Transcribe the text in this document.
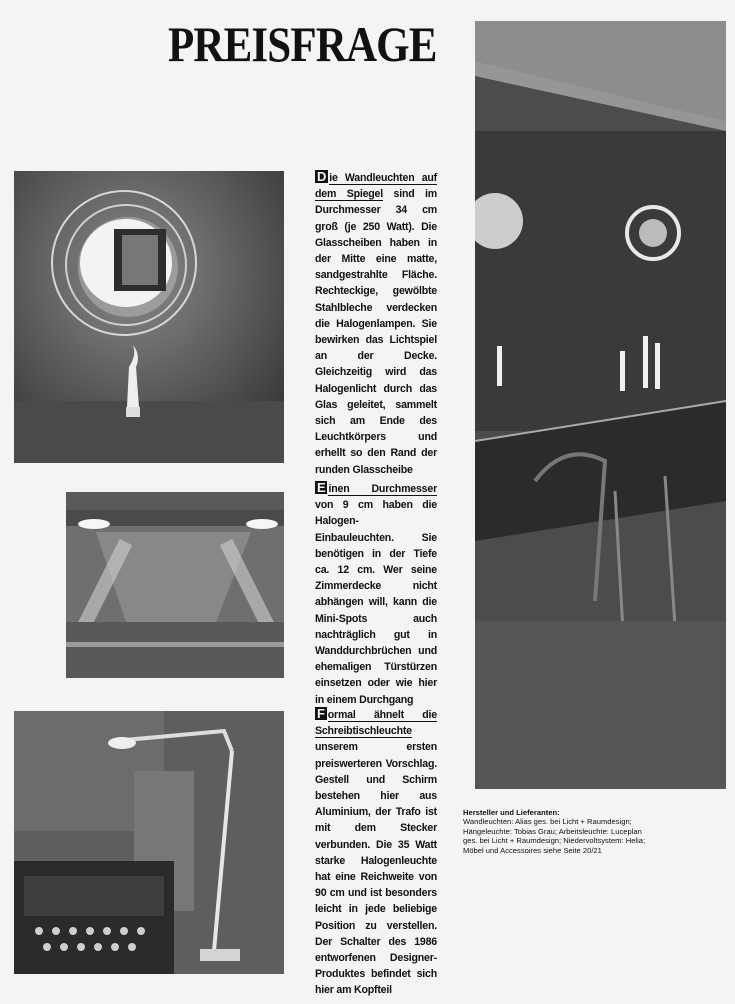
PREISFRAGE
D ie Wandleuchten auf dem Spiegel sind im Durchmesser 34 cm groß (je 250 Watt). Die Glasscheiben haben in der Mitte eine matte, sandgestrahlte Fläche. Rechteckige, gewölbte Stahlbleche verdecken die Halogenlampen. Sie bewirken das Lichtspiel an der Decke. Gleichzeitig wird das Halogenlicht durch das Glas geleitet, sammelt sich am Ende des Leuchtkörpers und erhellt so den Rand der runden Glasscheibe
E inen Durchmesser von 9 cm haben die Halogen-Einbauleuchten. Sie benötigen in der Tiefe ca. 12 cm. Wer seine Zimmerdecke nicht abhängen will, kann die Mini-Spots auch nachträglich gut in Wanddurchbrüchen und ehemaligen Türstürzen einsetzen oder wie hier in einem Durchgang
F ormal ähnelt die Schreibtischleuchte unserem ersten preiswerteren Vorschlag. Gestell und Schirm bestehen hier aus Aluminium, der Trafo ist mit dem Stecker verbunden. Die 35 Watt starke Halogenleuchte hat eine Reichweite von 90 cm und ist besonders leicht in jede beliebige Position zu verstellen. Der Schalter des 1986 entworfenen Designer-Produktes befindet sich hier am Kopfteil
Hersteller und Lieferanten:
Wandleuchten: Alias ges. bei Licht + Raumdesign;
Hängeleuchte: Tobias Grau; Arbeitsleuchte: Luceplan
ges. bei Licht + Raumdesign; Niedervoltsystem: Helia;
Möbel und Accessoires siehe Seite 20/21
